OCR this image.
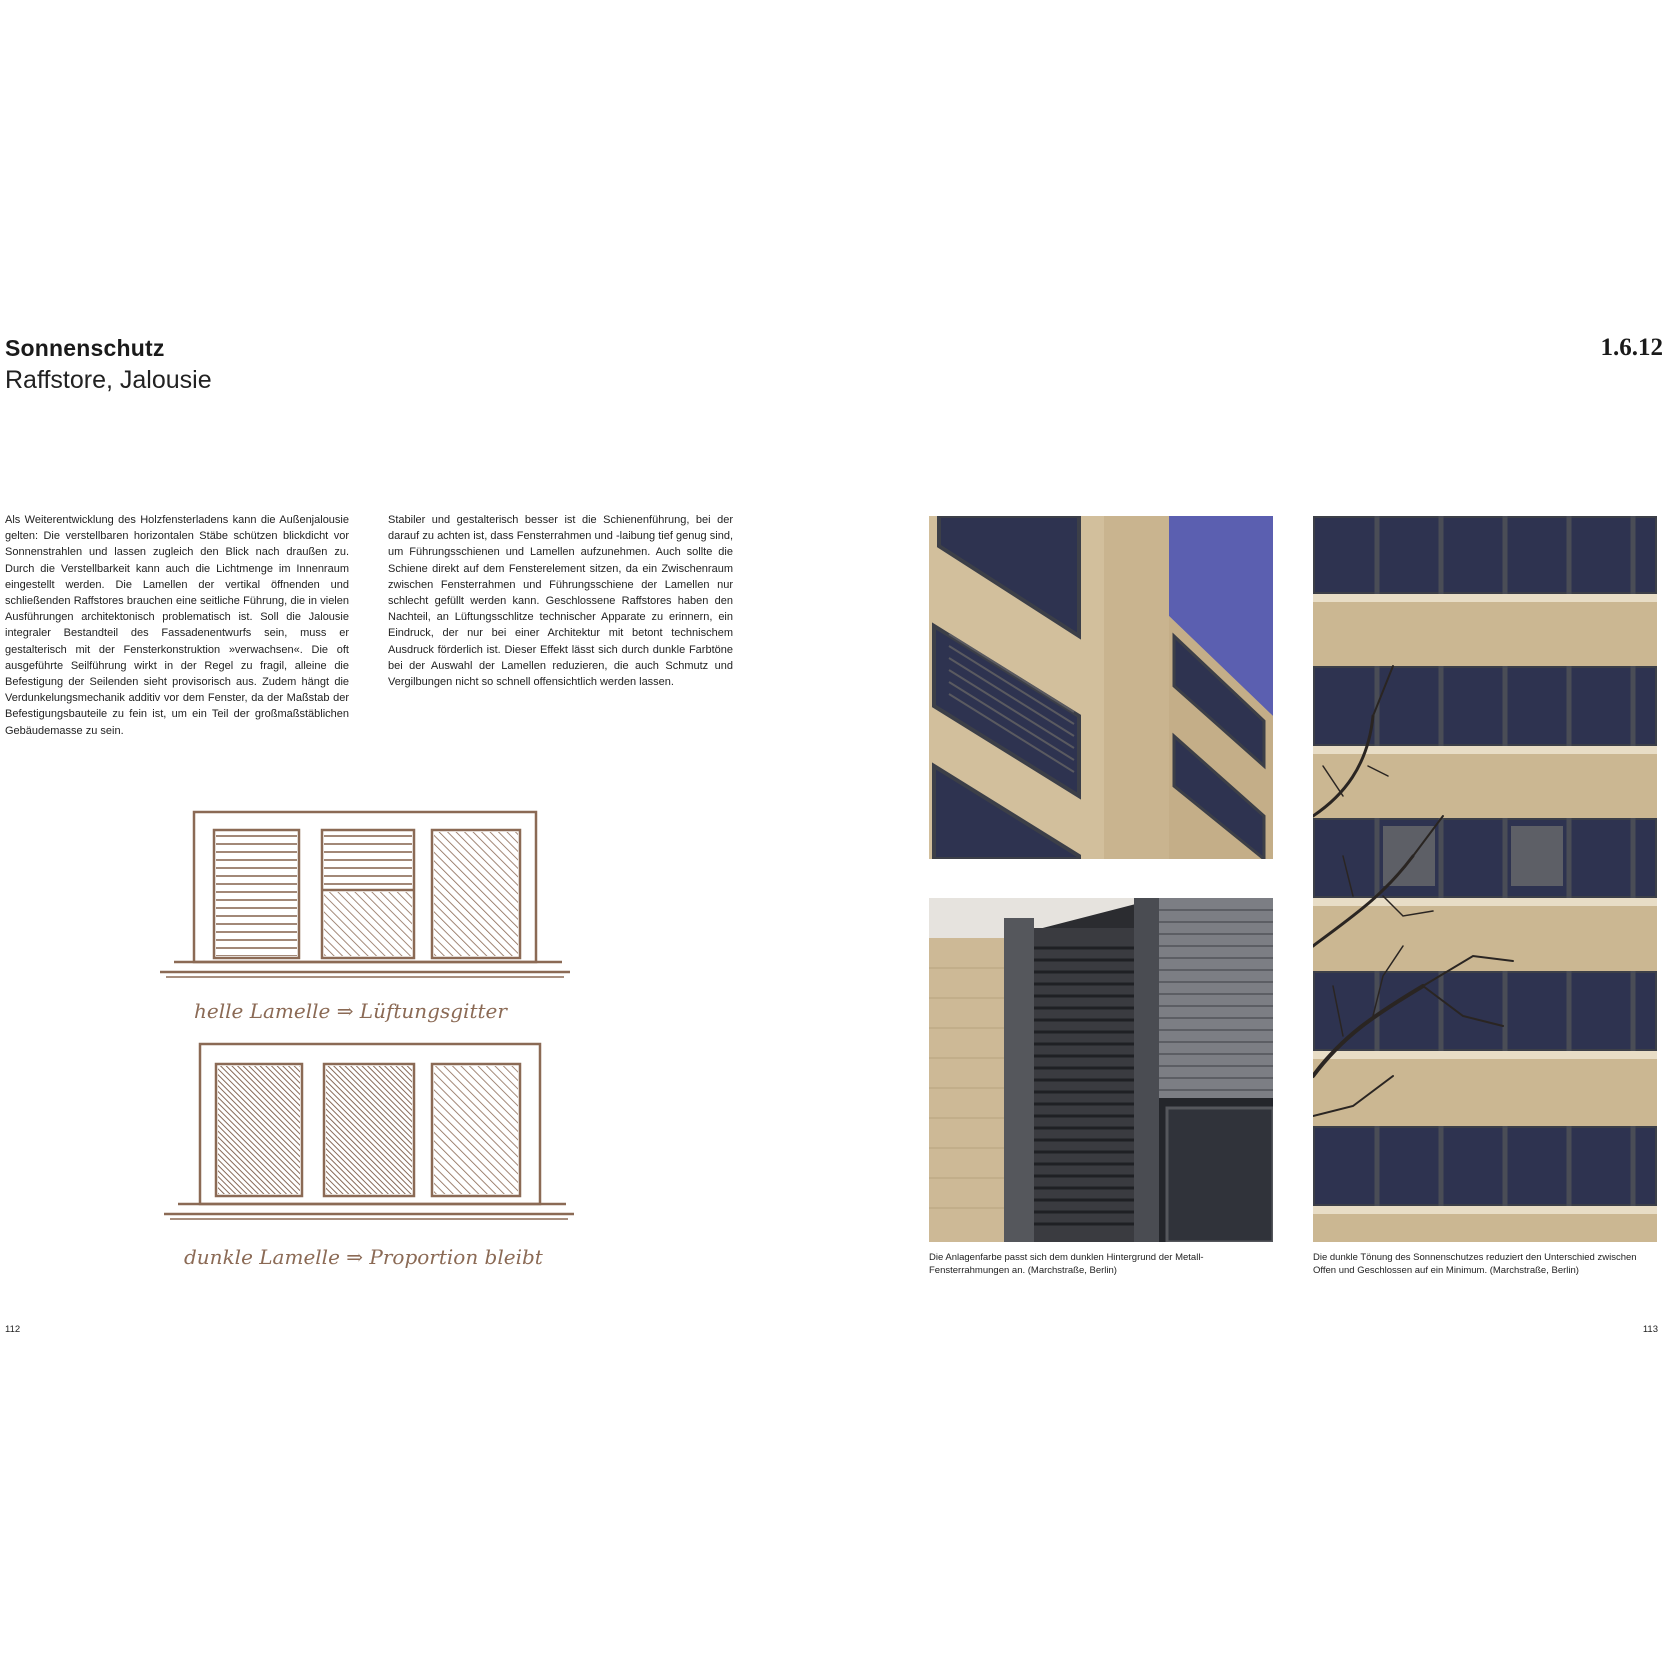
Sonnenschutz
Raffstore, Jalousie
1.6.12
Als Weiterentwicklung des Holzfensterladens kann die Außenjalousie gelten: Die verstellbaren horizontalen Stäbe schützen blickdicht vor Sonnenstrahlen und lassen zugleich den Blick nach draußen zu. Durch die Verstellbarkeit kann auch die Lichtmenge im Innenraum eingestellt werden. Die Lamellen der vertikal öffnenden und schließenden Raffstores brauchen eine seitliche Führung, die in vielen Ausführungen architektonisch problematisch ist. Soll die Jalousie integraler Bestandteil des Fassadenentwurfs sein, muss er gestalterisch mit der Fensterkonstruktion »verwachsen«. Die oft ausgeführte Seilführung wirkt in der Regel zu fragil, alleine die Befestigung der Seilenden sieht provisorisch aus. Zudem hängt die Verdunkelungsmechanik additiv vor dem Fenster, da der Maßstab der Befestigungsbauteile zu fein ist, um ein Teil der großmaßstäblichen Gebäudemasse zu sein.
Stabiler und gestalterisch besser ist die Schienenführung, bei der darauf zu achten ist, dass Fensterrahmen und -laibung tief genug sind, um Führungsschienen und Lamellen aufzunehmen. Auch sollte die Schiene direkt auf dem Fensterelement sitzen, da ein Zwischenraum zwischen Fensterrahmen und Führungsschiene der Lamellen nur schlecht gefüllt werden kann. Geschlossene Raffstores haben den Nachteil, an Lüftungsschlitze technischer Apparate zu erinnern, ein Eindruck, der nur bei einer Architektur mit betont technischem Ausdruck förderlich ist. Dieser Effekt lässt sich durch dunkle Farbtöne bei der Auswahl der Lamellen reduzieren, die auch Schmutz und Vergilbungen nicht so schnell offensichtlich werden lassen.
helle Lamelle ⇒ Lüftungsgitter
dunkle Lamelle ⇒ Proportion bleibt	Die Anlagenfarbe passt sich dem dunklen Hintergrund der Metall-Fensterrahmungen an. (Marchstraße, Berlin)
Die dunkle Tönung des Sonnenschutzes reduziert den Unterschied zwischen Offen und Geschlossen auf ein Minimum. (Marchstraße, Berlin)
112	113
